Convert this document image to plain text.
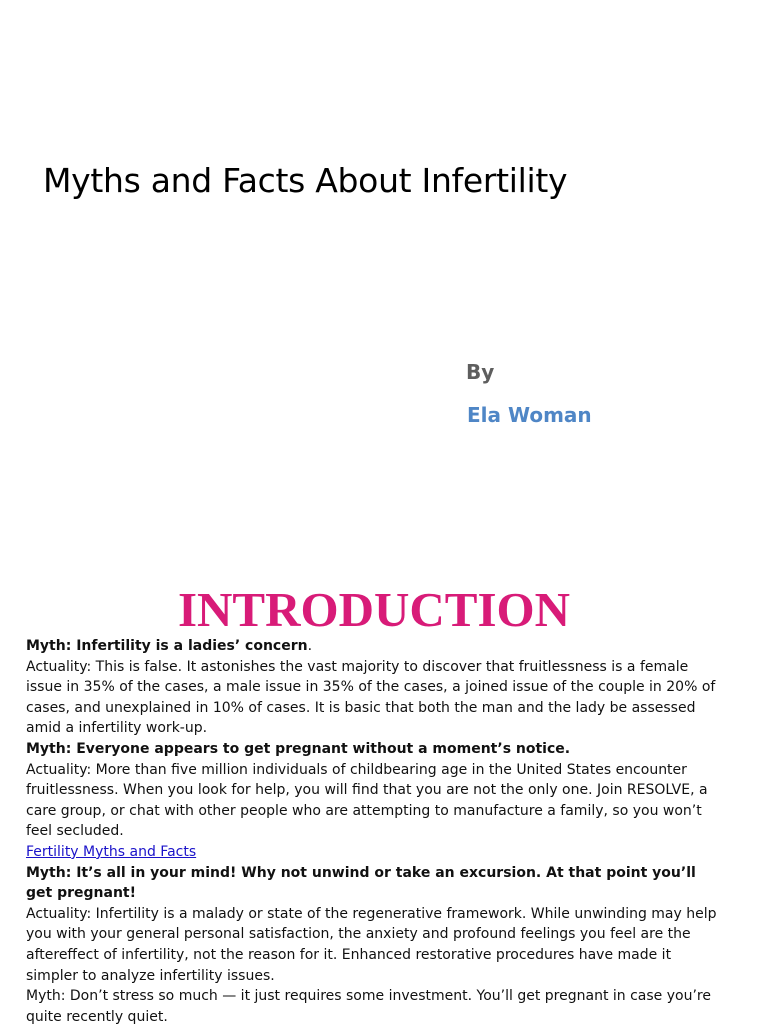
Myths and Facts About Infertility
By
Ela Woman
INTRODUCTION

Myth: Infertility is a ladies’ concern.

Actuality: This is false. It astonishes the vast majority to discover that fruitlessness is a female issue in 35% of the cases, a male issue in 35% of the cases, a joined issue of the couple in 20% of cases, and unexplained in 10% of cases. It is basic that both the man and the lady be assessed amid a infertility work-up.

Myth: Everyone appears to get pregnant without a moment’s notice.

Actuality: More than five million individuals of childbearing age in the United States encounter fruitlessness. When you look for help, you will find that you are not the only one. Join RESOLVE, a care group, or chat with other people who are attempting to manufacture a family, so you won’t feel secluded.

Fertility Myths and Facts

Myth: It’s all in your mind! Why not unwind or take an excursion. At that point you’ll get pregnant!

Actuality: Infertility is a malady or state of the regenerative framework. While unwinding may help you with your general personal satisfaction, the anxiety and profound feelings you feel are the aftereffect of infertility, not the reason for it. Enhanced restorative procedures have made it simpler to analyze infertility issues.

Myth: Don’t stress so much — it just requires some investment. You’ll get pregnant in case you’re quite recently quiet.
